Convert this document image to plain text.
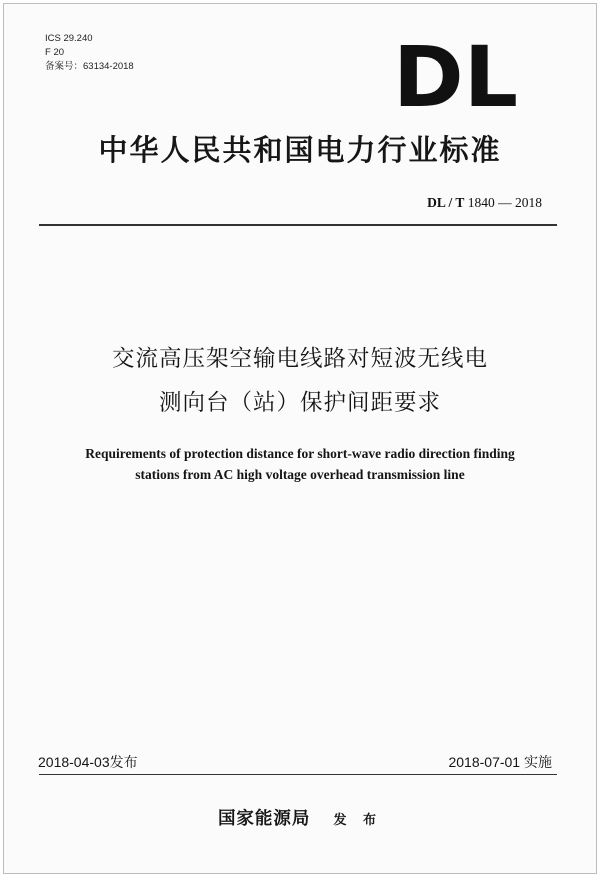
ICS 29.240
F 20
备案号：63134-2018	DL
中华人民共和国电力行业标准
DL / T 1840 — 2018
交流高压架空输电线路对短波无线电
测向台（站）保护间距要求
Requirements of protection distance for short-wave radio direction finding
stations from AC high voltage overhead transmission line
2018-04-03发布	2018-07-01 实施
国家能源局 发 布
